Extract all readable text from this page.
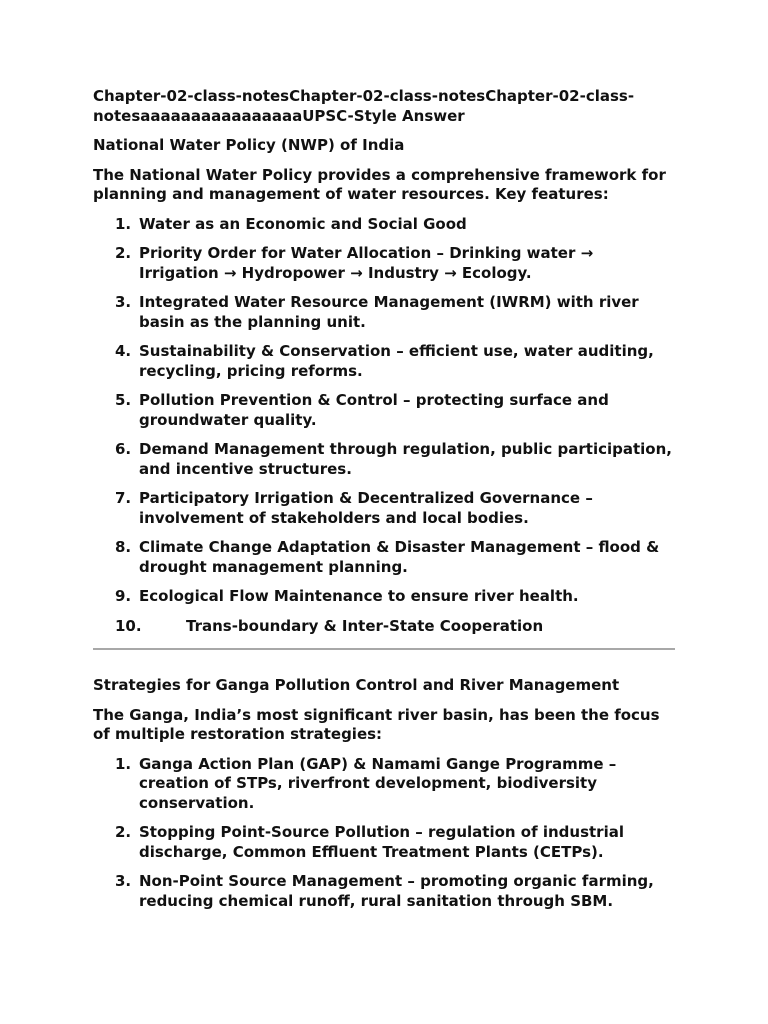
Chapter-02-class-notesChapter-02-class-notesChapter-02-class-notesaaaaaaaaaaaaaaaaUPSC-Style Answer

National Water Policy (NWP) of India

The National Water Policy provides a comprehensive framework for planning and management of water resources. Key features:

1. Water as an Economic and Social Good
2. Priority Order for Water Allocation – Drinking water → Irrigation → Hydropower → Industry → Ecology.
3. Integrated Water Resource Management (IWRM) with river basin as the planning unit.
4. Sustainability & Conservation – efficient use, water auditing, recycling, pricing reforms.
5. Pollution Prevention & Control – protecting surface and groundwater quality.
6. Demand Management through regulation, public participation, and incentive structures.
7. Participatory Irrigation & Decentralized Governance – involvement of stakeholders and local bodies.
8. Climate Change Adaptation & Disaster Management – flood & drought management planning.
9. Ecological Flow Maintenance to ensure river health.
10.	Trans-boundary & Inter-State Cooperation

Strategies for Ganga Pollution Control and River Management

The Ganga, India’s most significant river basin, has been the focus of multiple restoration strategies:

1. Ganga Action Plan (GAP) & Namami Gange Programme – creation of STPs, riverfront development, biodiversity conservation.
2. Stopping Point-Source Pollution – regulation of industrial discharge, Common Effluent Treatment Plants (CETPs).
3. Non-Point Source Management – promoting organic farming, reducing chemical runoff, rural sanitation through SBM.
